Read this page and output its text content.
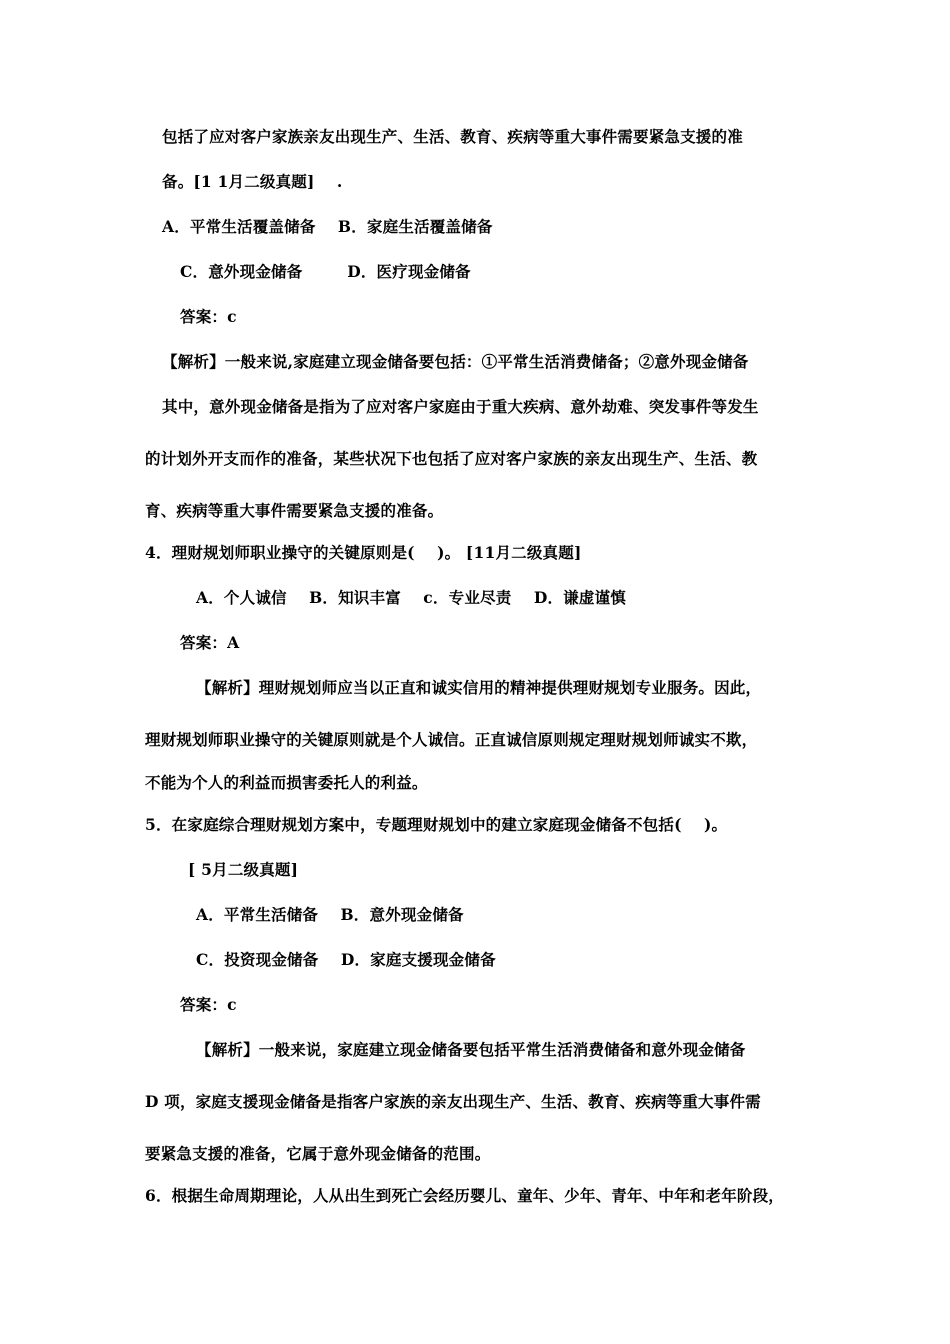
包括了应对客户家族亲友出现生产、生活、教育、疾病等重大事件需要紧急支援的准
备。[1 1月二级真题]    .
A．平常生活覆盖储备    B．家庭生活覆盖储备
C．意外现金储备        D．医疗现金储备
答案：c
【解析】一般来说,家庭建立现金储备要包括：①平常生活消费储备；②意外现金储备
其中，意外现金储备是指为了应对客户家庭由于重大疾病、意外劫难、突发事件等发生
的计划外开支而作的准备，某些状况下也包括了应对客户家族的亲友出现生产、生活、教
育、疾病等重大事件需要紧急支援的准备。
4．理财规划师职业操守的关键原则是(    )。 [11月二级真题]
A．个人诚信    B．知识丰富    c．专业尽责    D．谦虚谨慎
答案：A
【解析】理财规划师应当以正直和诚实信用的精神提供理财规划专业服务。因此，
理财规划师职业操守的关键原则就是个人诚信。正直诚信原则规定理财规划师诚实不欺，
不能为个人的利益而损害委托人的利益。
5．在家庭综合理财规划方案中，专题理财规划中的建立家庭现金储备不包括(    )。
[ 5月二级真题]
A．平常生活储备    B．意外现金储备
C．投资现金储备    D．家庭支援现金储备
答案：c
【解析】一般来说，家庭建立现金储备要包括平常生活消费储备和意外现金储备
D 项，家庭支援现金储备是指客户家族的亲友出现生产、生活、教育、疾病等重大事件需
要紧急支援的准备，它属于意外现金储备的范围。
6．根据生命周期理论，人从出生到死亡会经历婴儿、童年、少年、青年、中年和老年阶段，
